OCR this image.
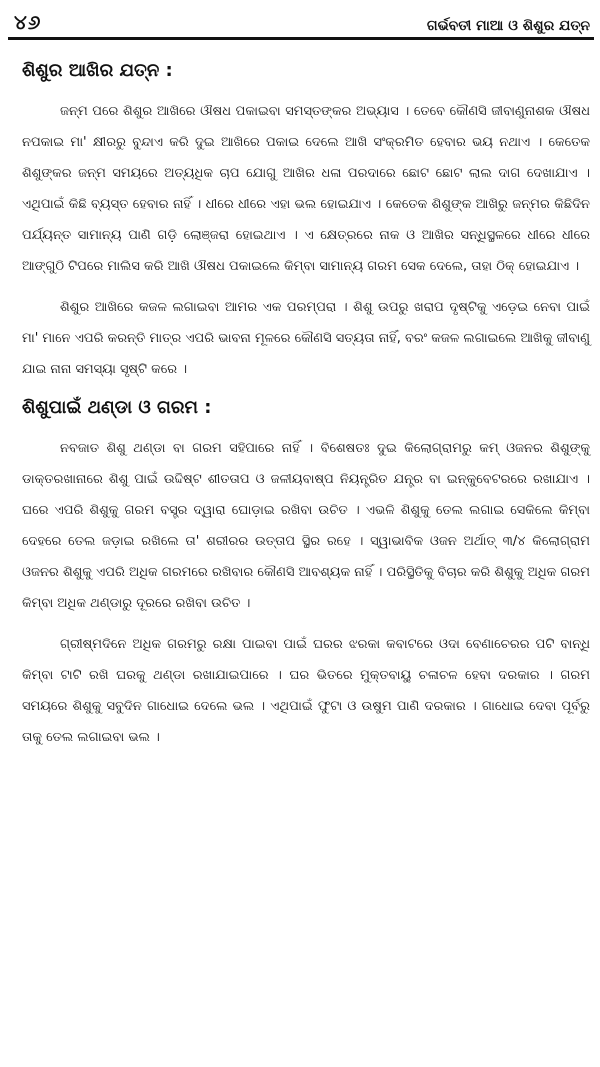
୪୬	ଗର୍ଭବତୀ ମାଆ ଓ ଶିଶୁର ଯତ୍ନ
ଶିଶୁର ଆଖିର ଯତ୍ନ :

ଜନ୍ମ ପରେ ଶିଶୁର ଆଖିରେ ଔଷଧ ପକାଇବା ସମସ୍ତଙ୍କର ଅଭ୍ୟାସ । ତେବେ କୌଣସି ଜୀବାଣୁନାଶକ ଔଷଧ ନପକାଇ ମା' କ୍ଷୀରରୁ ବୁନ୍ଦାଏ କରି ଦୁଇ ଆଖିରେ ପକାଇ ଦେଲେ ଆଖି ସଂକ୍ରମିତ ହେବାର ଭୟ ନଥାଏ । କେତେକ ଶିଶୁଙ୍କର ଜନ୍ମ ସମୟରେ ଅତ୍ୟଧିକ ଚାପ ଯୋଗୁ ଆଖିର ଧଳା ପରଦାରେ ଛୋଟ ଛୋଟ ଲାଲ ଦାଗ ଦେଖାଯାଏ । ଏଥିପାଇଁ କିଛି ବ୍ୟସ୍ତ ହେବାର ନାହିଁ । ଧୀରେ ଧୀରେ ଏହା ଭଲ ହୋଇଯାଏ । କେତେକ ଶିଶୁଙ୍କ ଆଖିରୁ ଜନ୍ମର କିଛିଦିନ ପର୍ଯ୍ୟନ୍ତ ସାମାନ୍ୟ ପାଣି ଗଡ଼ି ଲୋଞ୍ଜରା ହୋଇଥାଏ । ଏ କ୍ଷେତ୍ରରେ ନାକ ଓ ଆଖିର ସନ୍ଧିସ୍ଥଳରେ ଧୀରେ ଧୀରେ ଆଙ୍ଗୁଠି ଟିପରେ ମାଲିସ କରି ଆଖି ଔଷଧ ପକାଇଲେ କିମ୍ବା ସାମାନ୍ୟ ଗରମ ସେକ ଦେଲେ, ତାହା ଠିକ୍ ହୋଇଯାଏ ।

ଶିଶୁର ଆଖିରେ କଜଳ ଲଗାଇବା ଆମର ଏକ ପରମ୍ପରା । ଶିଶୁ ଉପରୁ ଖରାପ ଦୃଷ୍ଟିକୁ ଏଡ଼େଇ ନେବା ପାଇଁ ମା' ମାନେ ଏପରି କରନ୍ତି ମାତ୍ର ଏପରି ଭାବନା ମୂଳରେ କୌଣସି ସତ୍ୟତା ନାହିଁ, ବରଂ କଜଳ ଲଗାଇଲେ ଆଖିକୁ ଜୀବାଣୁ ଯାଇ ନାନା ସମସ୍ୟା ସୃଷ୍ଟି କରେ ।

ଶିଶୁପାଇଁ ଥଣ୍ଡା ଓ ଗରମ :

ନବଜାତ ଶିଶୁ ଥଣ୍ଡା ବା ଗରମ ସହିପାରେ ନାହିଁ । ବିଶେଷତଃ ଦୁଇ କିଲୋଗ୍ରାମରୁ କମ୍ ଓଜନର ଶିଶୁଙ୍କୁ ଡାକ୍ତରଖାନାରେ ଶିଶୁ ପାଇଁ ଉଦ୍ଦିଷ୍ଟ ଶୀତତାପ ଓ ଜଳୀୟବାଷ୍ପ ନିୟନ୍ତ୍ରିତ ଯନ୍ତ୍ର ବା ଇନ୍କୁବେଟରରେ ରଖାଯାଏ । ଘରେ ଏପରି ଶିଶୁକୁ ଗରମ ବସ୍ତ୍ର ଦ୍ୱାରା ଘୋଡ଼ାଇ ରଖିବା ଉଚିତ । ଏଭଳି ଶିଶୁକୁ ତେଲ ଲଗାଇ ସେକିଲେ କିମ୍ବା ଦେହରେ ତେଲ ଜଡ଼ାଇ ରଖିଲେ ତା' ଶରୀରର ଉତ୍ତାପ ସ୍ଥିର ରହେ । ସ୍ୱାଭାବିକ ଓଜନ ଅର୍ଥାତ୍ ୩/୪ କିଲୋଗ୍ରାମ ଓଜନର ଶିଶୁକୁ ଏପରି ଅଧିକ ଗରମରେ ରଖିବାର କୌଣସି ଆବଶ୍ୟକ ନାହିଁ । ପରିସ୍ଥିତିକୁ ବିଚାର କରି ଶିଶୁକୁ ଅଧିକ ଗରମ କିମ୍ବା ଅଧିକ ଥଣ୍ଡାରୁ ଦୂରରେ ରଖିବା ଉଚିତ ।

ଗ୍ରୀଷ୍ମଦିନେ ଅଧିକ ଗରମରୁ ରକ୍ଷା ପାଇବା ପାଇଁ ଘରର ଝରକା କବାଟରେ ଓଦା ବେଣାଚେରର ପଟି ବାନ୍ଧି କିମ୍ବା ଟାଟି ରଖି ଘରକୁ ଥଣ୍ଡା ରଖାଯାଇପାରେ । ଘର ଭିତରେ ମୁକ୍ତବାୟୁ ଚଳାଚଳ ହେବା ଦରକାର । ଗରମ ସମୟରେ ଶିଶୁକୁ ସବୁଦିନ ଗାଧୋଇ ଦେଲେ ଭଲ । ଏଥିପାଇଁ ଫୁଟା ଓ ଉଷୁମ ପାଣି ଦରକାର । ଗାଧୋଇ ଦେବା ପୂର୍ବରୁ ତାକୁ ତେଲ ଲଗାଇବା ଭଲ ।
